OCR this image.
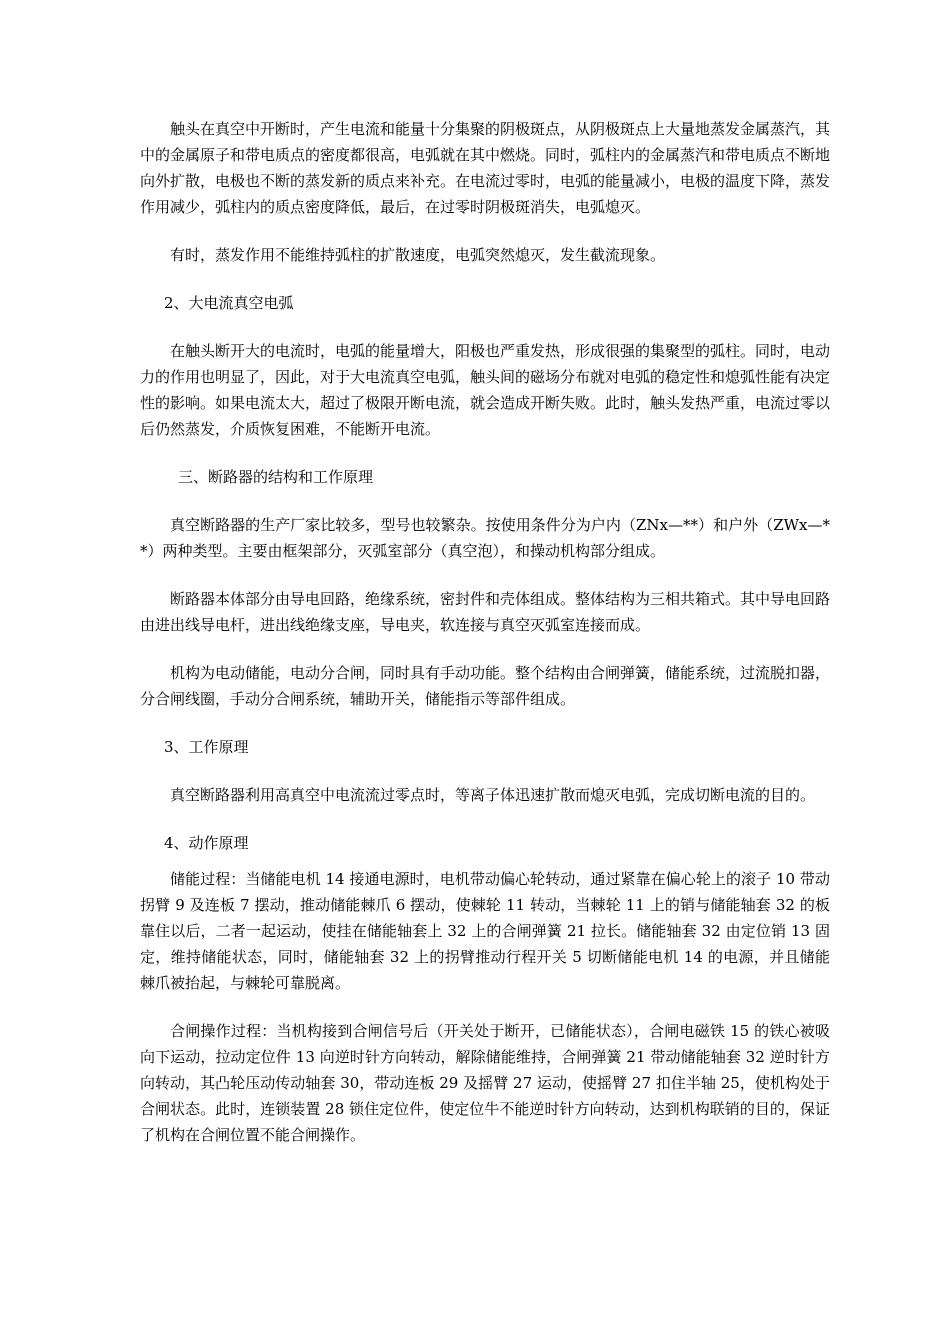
触头在真空中开断时，产生电流和能量十分集聚的阴极斑点，从阴极斑点上大量地蒸发金属蒸汽，其中的金属原子和带电质点的密度都很高，电弧就在其中燃烧。同时，弧柱内的金属蒸汽和带电质点不断地向外扩散，电极也不断的蒸发新的质点来补充。在电流过零时，电弧的能量减小，电极的温度下降，蒸发作用减少，弧柱内的质点密度降低，最后，在过零时阴极斑消失，电弧熄灭。

有时，蒸发作用不能维持弧柱的扩散速度，电弧突然熄灭，发生截流现象。

2、大电流真空电弧

在触头断开大的电流时，电弧的能量增大，阳极也严重发热，形成很强的集聚型的弧柱。同时，电动力的作用也明显了，因此，对于大电流真空电弧，触头间的磁场分布就对电弧的稳定性和熄弧性能有决定性的影响。如果电流太大，超过了极限开断电流，就会造成开断失败。此时，触头发热严重，电流过零以后仍然蒸发，介质恢复困难，不能断开电流。

三、断路器的结构和工作原理

真空断路器的生产厂家比较多，型号也较繁杂。按使用条件分为户内（ZNx—**）和户外（ZWx—**）两种类型。主要由框架部分，灭弧室部分（真空泡），和操动机构部分组成。

断路器本体部分由导电回路，绝缘系统，密封件和壳体组成。整体结构为三相共箱式。其中导电回路由进出线导电杆，进出线绝缘支座，导电夹，软连接与真空灭弧室连接而成。

机构为电动储能，电动分合闸，同时具有手动功能。整个结构由合闸弹簧，储能系统，过流脱扣器，分合闸线圈，手动分合闸系统，辅助开关，储能指示等部件组成。

3、工作原理

真空断路器利用高真空中电流流过零点时，等离子体迅速扩散而熄灭电弧，完成切断电流的目的。

4、动作原理

储能过程：当储能电机 14 接通电源时，电机带动偏心轮转动，通过紧靠在偏心轮上的滚子 10 带动拐臂 9 及连板 7 摆动，推动储能棘爪 6 摆动，使棘轮 11 转动，当棘轮 11 上的销与储能轴套 32 的板靠住以后，二者一起运动，使挂在储能轴套上 32 上的合闸弹簧 21 拉长。储能轴套 32 由定位销 13 固定，维持储能状态，同时，储能轴套 32 上的拐臂推动行程开关 5 切断储能电机 14 的电源，并且储能棘爪被抬起，与棘轮可靠脱离。

合闸操作过程：当机构接到合闸信号后（开关处于断开，已储能状态），合闸电磁铁 15 的铁心被吸向下运动，拉动定位件 13 向逆时针方向转动，解除储能维持，合闸弹簧 21 带动储能轴套 32 逆时针方向转动，其凸轮压动传动轴套 30，带动连板 29 及摇臂 27 运动，使摇臂 27 扣住半轴 25，使机构处于合闸状态。此时，连锁装置 28 锁住定位件，使定位牛不能逆时针方向转动，达到机构联销的目的，保证了机构在合闸位置不能合闸操作。
